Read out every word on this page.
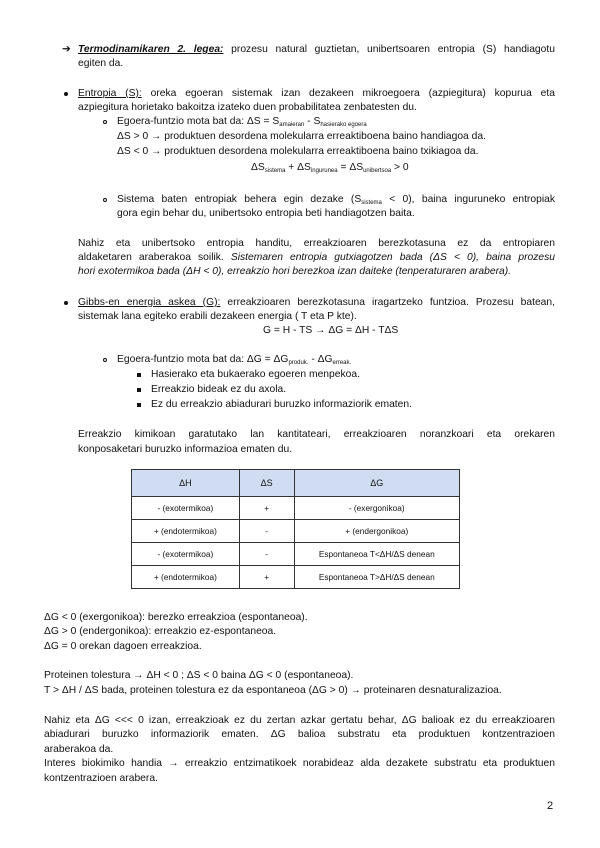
➔ Termodinamikaren 2. legea: prozesu natural guztietan, unibertsoaren entropia (S) handiagotu
egiten da.
Entropia (S): oreka egoeran sistemak izan dezakeen mikroegoera (azpiegitura) kopurua eta
azpiegitura horietako bakoitza izateko duen probabilitatea zenbatesten du.
Egoera-funtzio mota bat da: $\Delta S = S_{amaieran} - S_{hasierako egoera}$
ΔS > 0 → produktuen desordena molekularra erreaktiboena baino handiagoa da.
ΔS < 0 → produktuen desordena molekularra erreaktiboena baino txikiagoa da.
$\Delta S_{sistema} + \Delta S_{ingurunea} = \Delta S_{unibertsoa} > 0$
Sistema baten entropiak behera egin dezake $(S_{sistema} < 0)$, baina inguruneko entropiak
gora egin behar du, unibertsoko entropia beti handiagotzen baita.
Nahiz eta unibertsoko entropia handitu, erreakzioaren berezkotasuna ez da entropiaren
aldaketaren araberakoa soilik. Sistemaren entropia gutxiagotzen bada (ΔS < 0), baina prozesu
hori exotermikoa bada (ΔH < 0), erreakzio hori berezkoa izan daiteke (tenperaturaren arabera).
Gibbs-en energia askea (G): erreakzioaren berezkotasuna iragartzeko funtzioa. Prozesu batean,
sistemak lana egiteko erabili dezakeen energia ( T eta P kte).
G = H - TS → ΔG = ΔH - TΔS
Egoera-funtzio mota bat da: $\Delta G = \Delta G_{produk.} - \Delta G_{erreak.}$
Hasierako eta bukaerako egoeren menpekoa.
Erreakzio bideak ez du axola.
Ez du erreakzio abiadurari buruzko informaziorik ematen.
Erreakzio kimikoan garatutako lan kantitateari, erreakzioaren noranzkoari eta orekaren
konposaketari buruzko informazioa ematen du.
ΔH	ΔS	ΔG
- (exotermikoa)	+	- (exergonikoa)
+ (endotermikoa)	-	+ (endergonikoa)
- (exotermikoa)	-	Espontaneoa T<ΔH/ΔS denean
+ (endotermikoa)	+	Espontaneoa T>ΔH/ΔS denean
ΔG < 0 (exergonikoa): berezko erreakzioa (espontaneoa).
ΔG > 0 (endergonikoa): erreakzio ez-espontaneoa.
ΔG = 0 orekan dagoen erreakzioa.
Proteinen tolestura → ΔH < 0 ; ΔS < 0 baina ΔG < 0 (espontaneoa).
T > ΔH / ΔS bada, proteinen tolestura ez da espontaneoa (ΔG > 0) → proteinaren desnaturalizazioa.
Nahiz eta ΔG <<< 0 izan, erreakzioak ez du zertan azkar gertatu behar, ΔG balioak ez du erreakzioaren
abiadurari buruzko informaziorik ematen. ΔG balioa substratu eta produktuen kontzentrazioen
araberakoa da.
Interes biokimiko handia → erreakzio entzimatikoek norabideaz alda dezakete substratu eta produktuen
kontzentrazioen arabera.
2
